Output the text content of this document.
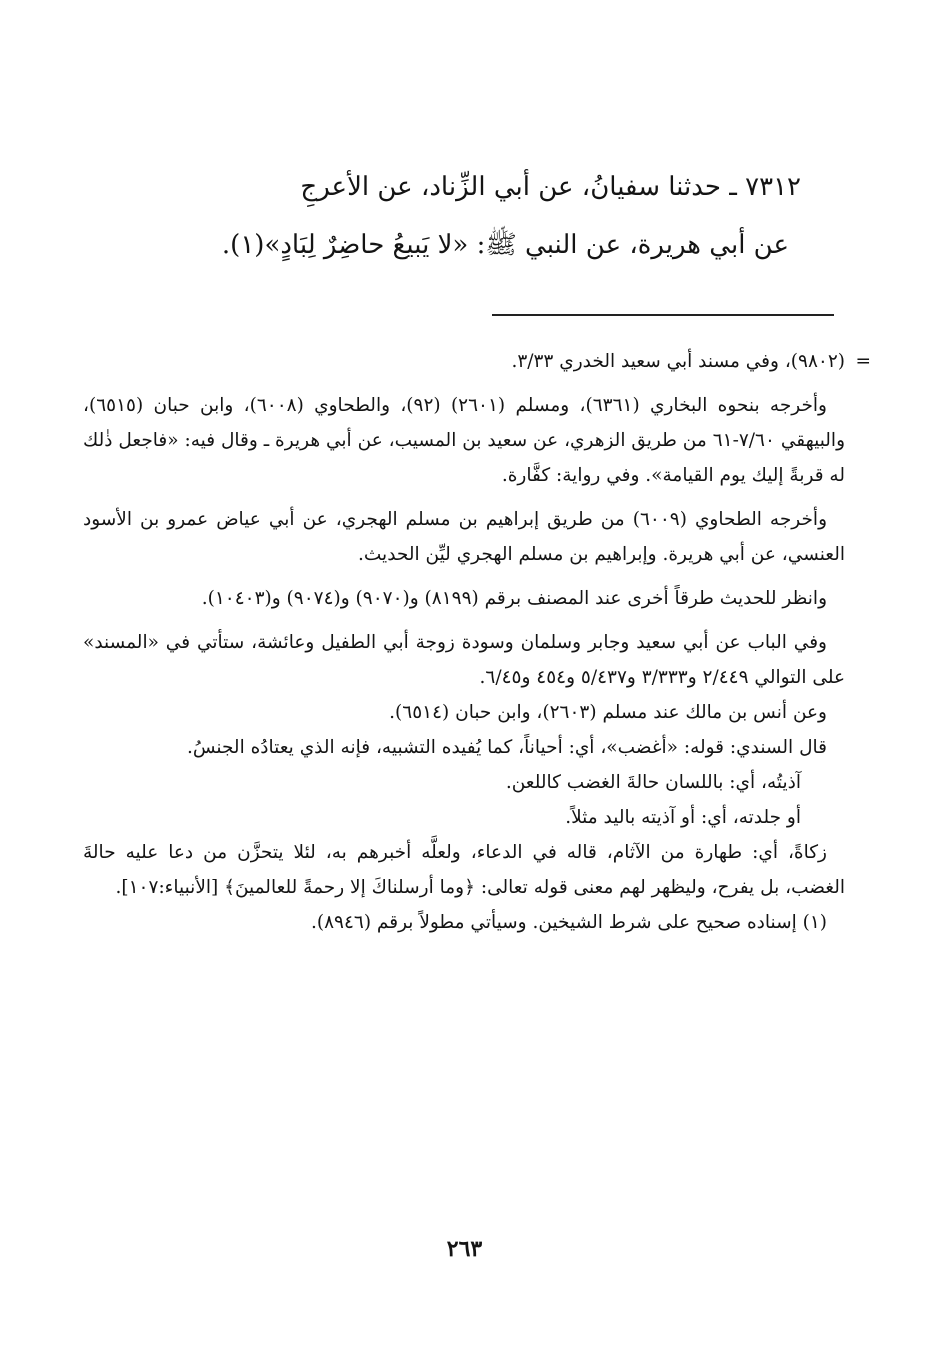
٧٣١٢ ـ حدثنا سفيانُ، عن أبي الزِّناد، عن الأعرجِ
عن أبي هريرة، عن النبي ﷺ: «لا يَبيعُ حاضِرٌ لِبَادٍ»(١).

=
(٩٨٠٢)، وفي مسند أبي سعيد الخدري ٣/٣٣.

وأخرجه بنحوه البخاري (٦٣٦١)، ومسلم (٢٦٠١) (٩٢)، والطحاوي (٦٠٠٨)، وابن حبان (٦٥١٥)، والبيهقي ٧/٦٠-٦١ من طريق الزهري، عن سعيد بن المسيب، عن أبي هريرة ـ وقال فيه: «فاجعل ذٰلك له قربةً إليك يوم القيامة». وفي رواية: كفَّارة.

وأخرجه الطحاوي (٦٠٠٩) من طريق إبراهيم بن مسلم الهجري، عن أبي عياض عمرو بن الأسود العنسي، عن أبي هريرة. وإبراهيم بن مسلم الهجري ليِّن الحديث.

وانظر للحديث طرقاً أخرى عند المصنف برقم (٨١٩٩) و(٩٠٧٠) و(٩٠٧٤) و(١٠٤٠٣).

وفي الباب عن أبي سعيد وجابر وسلمان وسودة زوجة أبي الطفيل وعائشة، ستأتي في «المسند» على التوالي ٢/٤٤٩ و٣/٣٣٣ و٥/٤٣٧ و٤٥٤ و٦/٤٥.

وعن أنس بن مالك عند مسلم (٢٦٠٣)، وابن حبان (٦٥١٤).

قال السندي: قوله: «أغضب»، أي: أحياناً، كما يُفيده التشبيه، فإنه الذي يعتادُه الجنسُ.

آذيتُه، أي: باللسان حالةَ الغضب كاللعن.

أو جلدته، أي: أو آذيته باليد مثلاً.

زكاةً، أي: طهارة من الآثام، قاله في الدعاء، ولعلَّه أخبرهم به، لئلا يتحزَّن من دعا عليه حالةَ الغضب، بل يفرح، وليظهر لهم معنى قوله تعالى: ﴿وما أرسلناكَ إلا رحمةً للعالمينَ﴾ [الأنبياء:١٠٧].

(١) إسناده صحيح على شرط الشيخين. وسيأتي مطولاً برقم (٨٩٤٦).

٢٦٣
